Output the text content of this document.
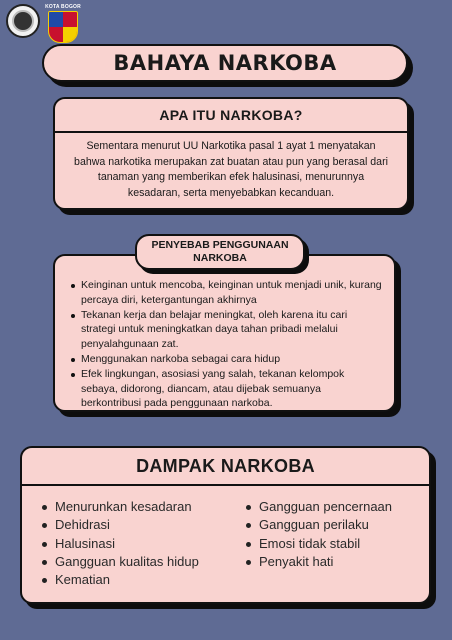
KOTA BOGOR
BAHAYA NARKOBA
APA ITU NARKOBA?

Sementara menurut UU Narkotika pasal 1 ayat 1 menyatakan bahwa narkotika merupakan zat buatan atau pun yang berasal dari tanaman yang memberikan efek halusinasi, menurunnya kesadaran, serta menyebabkan kecanduan.

PENYEBAB PENGGUNAAN
NARKOBA
Keinginan untuk mencoba, keinginan untuk menjadi unik, kurang percaya diri, ketergantungan akhirnya
Tekanan kerja dan belajar meningkat, oleh karena itu cari strategi untuk meningkatkan daya tahan pribadi melalui penyalahgunaan zat.
Menggunakan narkoba sebagai cara hidup
Efek lingkungan, asosiasi yang salah, tekanan kelompok sebaya, didorong, diancam, atau dijebak semuanya berkontribusi pada penggunaan narkoba.
DAMPAK NARKOBA
Menurunkan kesadaran
Dehidrasi
Halusinasi
Gangguan kualitas hidup
Kematian
Gangguan pencernaan
Gangguan perilaku
Emosi tidak stabil
Penyakit hati
